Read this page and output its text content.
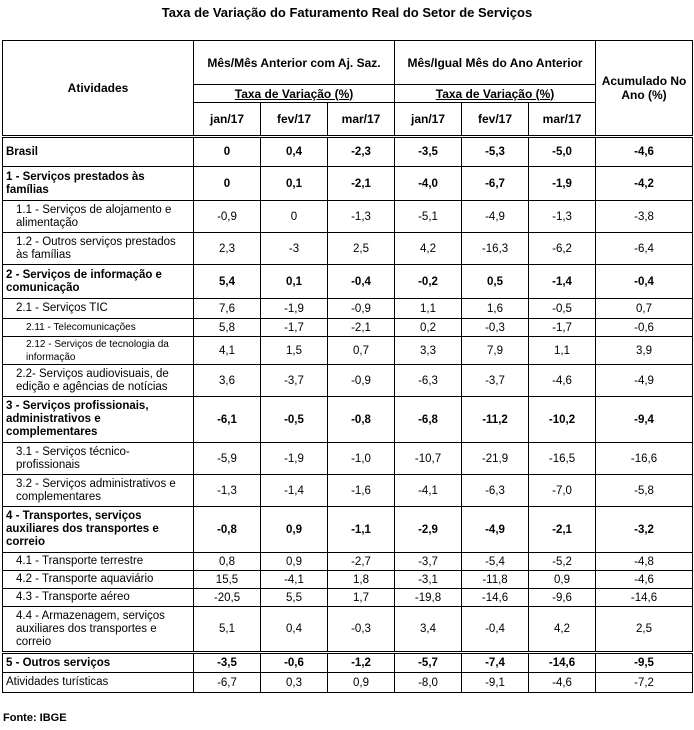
Taxa de Variação do Faturamento Real do Setor de Serviços
Atividades	Mês/Mês Anterior com Aj. Saz.			Mês/Igual Mês do Ano Anterior			Acumulado No Ano (%)
	Taxa de Variação (%)			Taxa de Variação (%)			
	jan/17	fev/17	mar/17	jan/17	fev/17	mar/17	
Brasil	0	0,4	-2,3	-3,5	-5,3	-5,0	-4,6
1 - Serviços prestados às famílias	0	0,1	-2,1	-4,0	-6,7	-1,9	-4,2
1.1 - Serviços de alojamento e alimentação	-0,9	0	-1,3	-5,1	-4,9	-1,3	-3,8
1.2 - Outros serviços prestados às famílias	2,3	-3	2,5	4,2	-16,3	-6,2	-6,4
2 - Serviços de informação e comunicação	5,4	0,1	-0,4	-0,2	0,5	-1,4	-0,4
2.1 - Serviços TIC	7,6	-1,9	-0,9	1,1	1,6	-0,5	0,7
2.11 - Telecomunicações	5,8	-1,7	-2,1	0,2	-0,3	-1,7	-0,6
2.12 - Serviços de tecnologia da informação	4,1	1,5	0,7	3,3	7,9	1,1	3,9
2.2- Serviços audiovisuais, de edição e agências de notícias	3,6	-3,7	-0,9	-6,3	-3,7	-4,6	-4,9
3 - Serviços profissionais, administrativos e complementares	-6,1	-0,5	-0,8	-6,8	-11,2	-10,2	-9,4
3.1 - Serviços técnico-profissionais	-5,9	-1,9	-1,0	-10,7	-21,9	-16,5	-16,6
3.2 - Serviços administrativos e complementares	-1,3	-1,4	-1,6	-4,1	-6,3	-7,0	-5,8
4 - Transportes, serviços auxiliares dos transportes e correio	-0,8	0,9	-1,1	-2,9	-4,9	-2,1	-3,2
4.1 - Transporte terrestre	0,8	0,9	-2,7	-3,7	-5,4	-5,2	-4,8
4.2 - Transporte aquaviário	15,5	-4,1	1,8	-3,1	-11,8	0,9	-4,6
4.3 - Transporte aéreo	-20,5	5,5	1,7	-19,8	-14,6	-9,6	-14,6
4.4 - Armazenagem, serviços auxiliares dos transportes e correio	5,1	0,4	-0,3	3,4	-0,4	4,2	2,5
5 - Outros serviços	-3,5	-0,6	-1,2	-5,7	-7,4	-14,6	-9,5
Atividades turísticas	-6,7	0,3	0,9	-8,0	-9,1	-4,6	-7,2
Fonte: IBGE
